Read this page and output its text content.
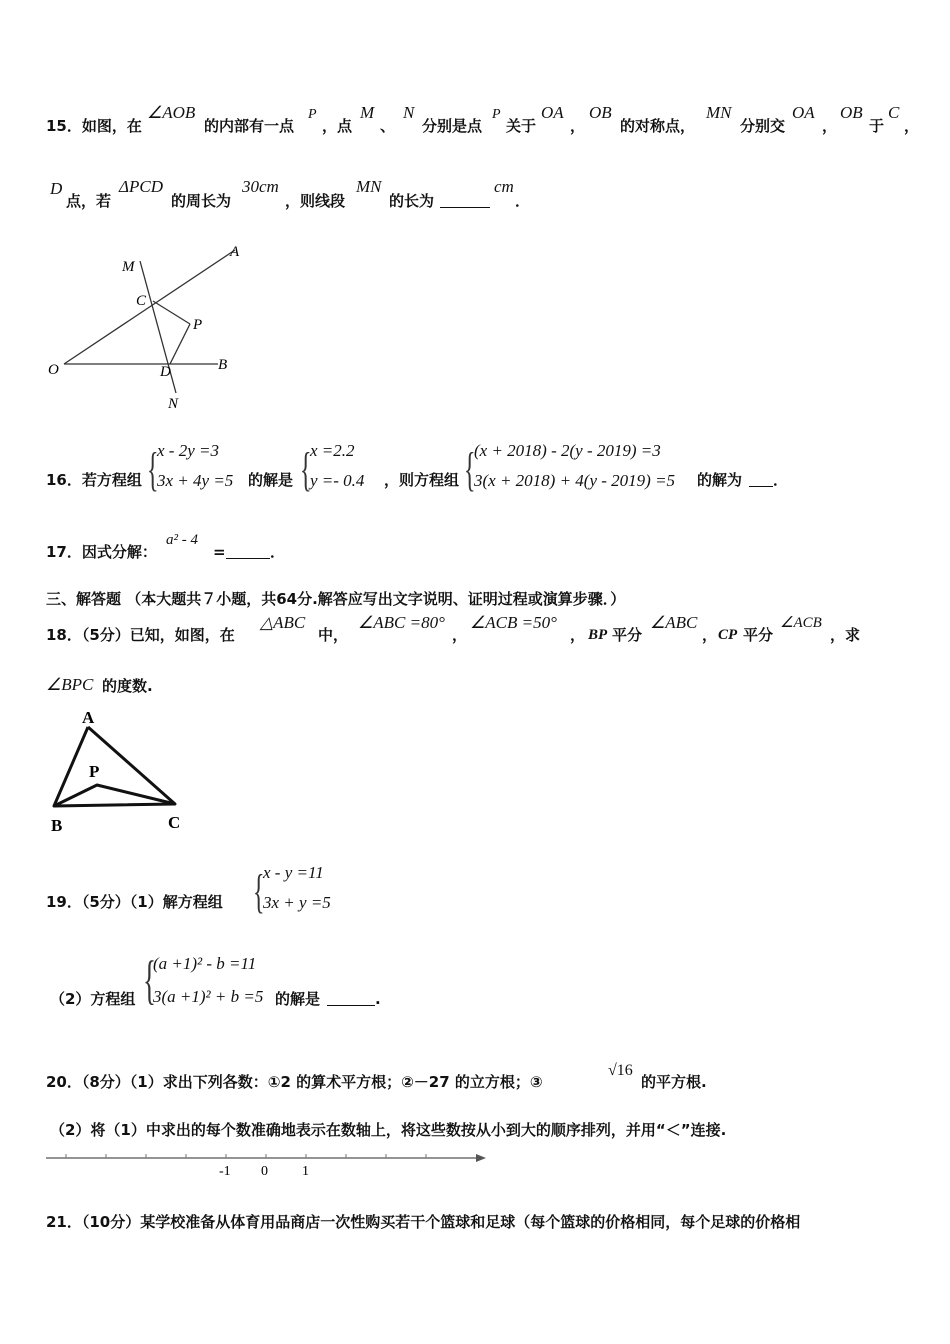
15．如图，在
∠AOB
的内部有一点
P
，点
M
、
N
分别是点
P
关于
OA
，
OB
的对称点，
MN
分别交
OA
，
OB
于
C
，
D
点，若
ΔPCD
的周长为
30cm
，则线段
MN
的长为
cm
．
M
A
C
P
O	D	B
N
16．若方程组 {
x - 2y =3
3x + 4y =5 的解是 {
x =2.2
y =- 0.4 ，则方程组 {
(x + 2018) - 2(y - 2019) =3
3(x + 2018) + 4(y - 2019) =5 的解为 ．
17．因式分解：
a² - 4
=	．
三、解答题 （本大题共７小题，共64分.解答应写出文字说明、证明过程或演算步骤．）
18．（5分）已知，如图，在
△ABC
中，
∠ABC =80°
，
∠ACB =50°
， BP 平分
∠ABC
， CP 平分
∠ACB
，求
∠BPC 的度数.
A
P
B	C
19．（5分）（1）解方程组 {
x - y =11
3x + y =5
（2）方程组 {
(a +1)² - b =11
3(a +1)² + b =5 的解是	.
20．（8分）（1）求出下列各数：①2 的算术平方根；②－27 的立方根；③
√16
的平方根.
（2）将（1）中求出的每个数准确地表示在数轴上，将这些数按从小到大的顺序排列，并用“＜”连接.
-1 0 1
21．（10分）某学校准备从体育用品商店一次性购买若干个篮球和足球（每个篮球的价格相同，每个足球的价格相
